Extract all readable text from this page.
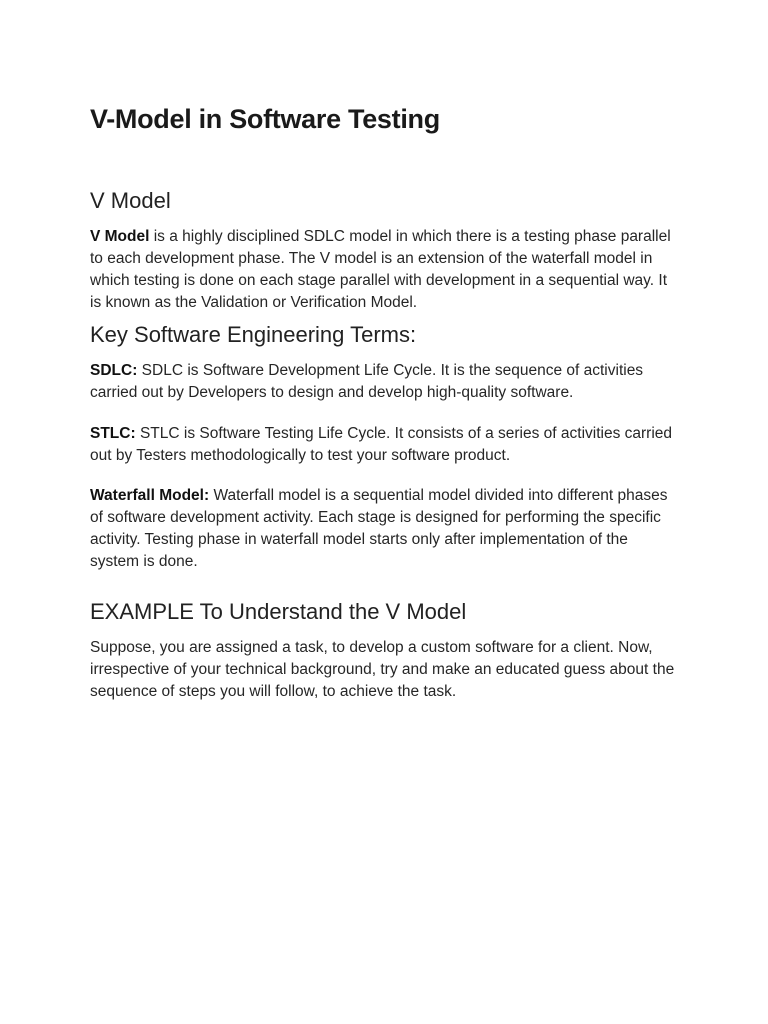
V-Model in Software Testing
V Model

V Model is a highly disciplined SDLC model in which there is a testing phase parallel to each development phase. The V model is an extension of the waterfall model in which testing is done on each stage parallel with development in a sequential way. It is known as the Validation or Verification Model.

Key Software Engineering Terms:

SDLC: SDLC is Software Development Life Cycle. It is the sequence of activities carried out by Developers to design and develop high-quality software.

STLC: STLC is Software Testing Life Cycle. It consists of a series of activities carried out by Testers methodologically to test your software product.

Waterfall Model: Waterfall model is a sequential model divided into different phases of software development activity. Each stage is designed for performing the specific activity. Testing phase in waterfall model starts only after implementation of the system is done.

EXAMPLE To Understand the V Model

Suppose, you are assigned a task, to develop a custom software for a client. Now, irrespective of your technical background, try and make an educated guess about the sequence of steps you will follow, to achieve the task.
